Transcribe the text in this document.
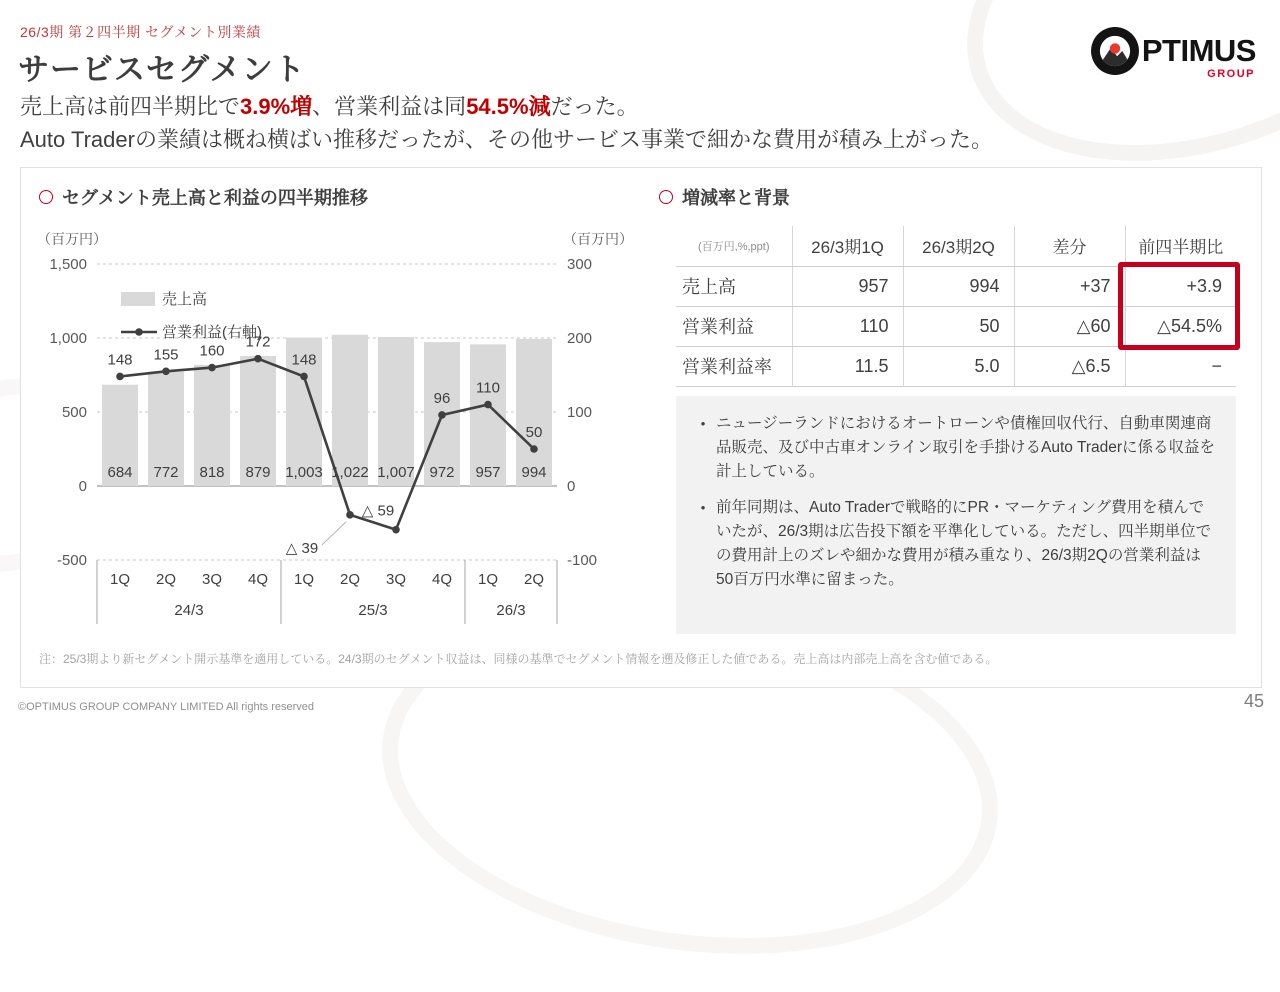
26/3期 第２四半期 セグメント別業績
サービスセグメント
売上高は前四半期比で3.9%増、営業利益は同54.5%減だった。
Auto Traderの業績は概ね横ばい推移だったが、その他サービス事業で細かな費用が積み上がった。
PTIMUS
GROUP
セグメント売上高と利益の四半期推移
（百万円）	（百万円）
1,500	300
1,000	200
500	100
0	0
-500	-100
684 772 818 879 1,003 1,022 1,007 972 957 994
1Q 2Q 3Q 4Q 1Q 2Q 3Q 4Q 1Q 2Q
24/3	25/3	26/3
148 155 160
172
148
△ 39
△ 59
96
110
50
売上高
営業利益(右軸)
増減率と背景
(百万円,%,ppt)	26/3期1Q	26/3期2Q	差分	前四半期比
売上高	957	994	+37	+3.9
営業利益	110	50	△60	△54.5%
営業利益率	11.5	5.0	△6.5	−
• ニュージーランドにおけるオートローンや債権回収代行、自動車関連商品販売、及び中古車オンライン取引を手掛けるAuto Traderに係る収益を計上している。
• 前年同期は、Auto Traderで戦略的にPR・マーケティング費用を積んでいたが、26/3期は広告投下額を平準化している。ただし、四半期単位での費用計上のズレや細かな費用が積み重なり、26/3期2Qの営業利益は50百万円水準に留まった。
注：25/3期より新セグメント開示基準を適用している。24/3期のセグメント収益は、同様の基準でセグメント情報を遡及修正した値である。売上高は内部売上高を含む値である。
©OPTIMUS GROUP COMPANY LIMITED All rights reserved	45
